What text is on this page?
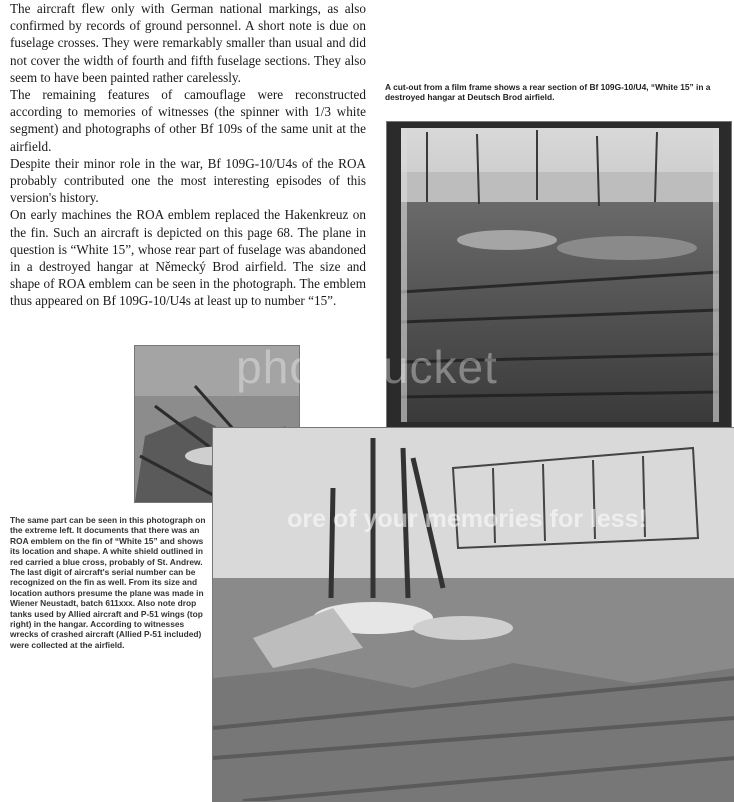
The aircraft flew only with German national markings, as also confirmed by records of ground personnel. A short note is due on fuselage crosses. They were remarkably smaller than usual and did not cover the width of fourth and fifth fuselage sections. They also seem to have been painted rather carelessly.

The remaining features of camouflage were reconstructed according to memories of witnesses (the spinner with 1/3 white segment) and photographs of other Bf 109s of the same unit at the airfield.

Despite their minor role in the war, Bf 109G-10/U4s of the ROA probably contributed one the most interesting episodes of this version's history.

On early machines the ROA emblem replaced the Hakenkreuz on the fin. Such an aircraft is depicted on this page 68. The plane in question is “White 15”, whose rear part of fuselage was abandoned in a destroyed hangar at Německý Brod airfield. The size and shape of ROA emblem can be seen in the photograph. The emblem thus appeared on Bf 109G-10/U4s at least up to number “15”.

A cut-out from a film frame shows a rear section of Bf 109G-10/U4, “White 15” in a destroyed hangar at Deutsch Brod airfield.
The same part can be seen in this photograph on the extreme left. It documents that there was an ROA emblem on the fin of “White 15” and shows its location and shape. A white shield outlined in red carried a blue cross, probably of St. Andrew. The last digit of aircraft's serial number can be recognized on the fin as well. From its size and location authors presume the plane was made in Wiener Neustadt, batch 611xxx. Also note drop tanks used by Allied aircraft and P-51 wings (top right) in the hangar. According to witnesses wrecks of crashed aircraft (Allied P-51 included) were collected at the airfield.
photobucket
ore of your memories for less!
